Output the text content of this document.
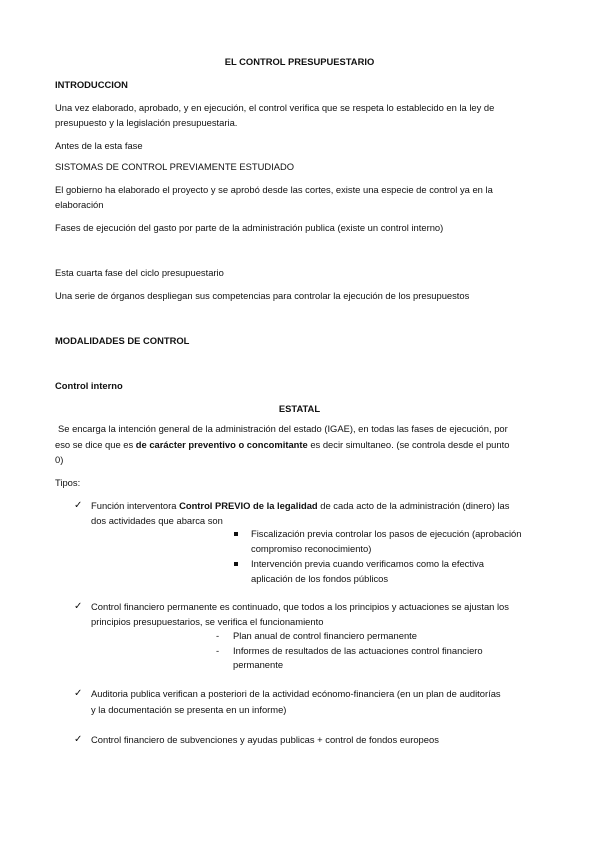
EL CONTROL PRESUPUESTARIO
INTRODUCCION
Una vez elaborado, aprobado, y en ejecución, el control verifica que se respeta lo establecido en la ley de
presupuesto y la legislación presupuestaria.
Antes de la esta fase
SISTOMAS DE CONTROL PREVIAMENTE ESTUDIADO
El gobierno ha elaborado el proyecto y se aprobó desde las cortes, existe una especie de control ya en la
elaboración
Fases de ejecución del gasto por parte de la administración publica (existe un control interno)
Esta cuarta fase del ciclo presupuestario
Una serie de órganos despliegan sus competencias para controlar la ejecución de los presupuestos
MODALIDADES DE CONTROL
Control interno
ESTATAL
Se encarga la intención general de la administración del estado (IGAE), en todas las fases de ejecución, por
eso se dice que es de carácter preventivo o concomitante es decir simultaneo. (se controla desde el punto
0)
Tipos:
✓ Función interventora Control PREVIO de la legalidad de cada acto de la administración (dinero) las
dos actividades que abarca son
Fiscalización previa controlar los pasos de ejecución (aprobación
compromiso reconocimiento)
Intervención previa cuando verificamos como la efectiva
aplicación de los fondos públicos
✓ Control financiero permanente es continuado, que todos a los principios y actuaciones se ajustan los
principios presupuestarios, se verifica el funcionamiento
- Plan anual de control financiero permanente
- Informes de resultados de las actuaciones control financiero
permanente
✓ Auditoria publica verifican a posteriori de la actividad ecónomo-financiera (en un plan de auditorías
y la documentación se presenta en un informe)
✓ Control financiero de subvenciones y ayudas publicas + control de fondos europeos
